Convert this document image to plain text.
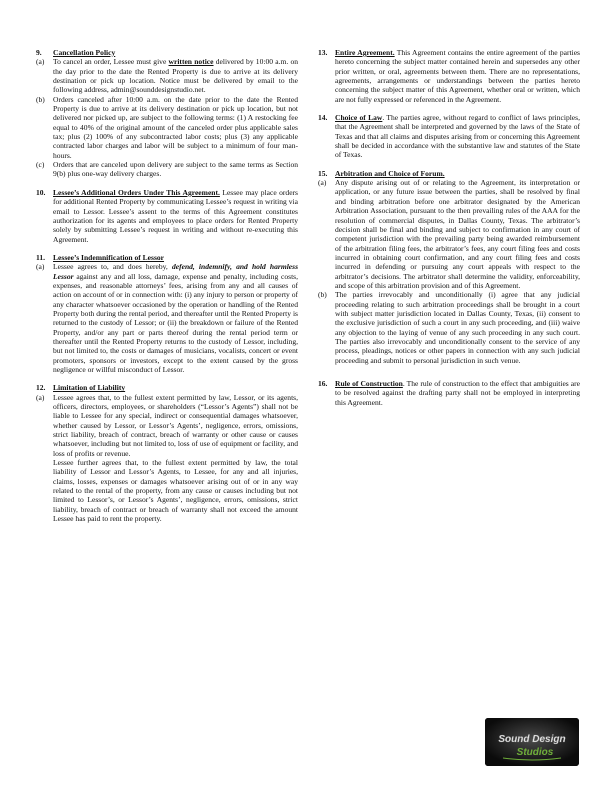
9. Cancellation Policy
(a)	To cancel an order, Lessee must give written notice delivered by 10:00 a.m. on the day prior to the date the Rented Property is due to arrive at its delivery destination or pick up location. Notice must be delivered by email to the following address, admin@sounddesignstudio.net.
(b)	Orders canceled after 10:00 a.m. on the date prior to the date the Rented Property is due to arrive at its delivery destination or pick up location, but not delivered nor picked up, are subject to the following terms: (1) A restocking fee equal to 40% of the original amount of the canceled order plus applicable sales tax; plus (2) 100% of any subcontracted labor costs; plus (3) any applicable contracted labor charges and labor will be subject to a minimum of four man-hours.
(c)	Orders that are canceled upon delivery are subject to the same terms as Section 9(b) plus one-way delivery charges.
10.	Lessee’s Additional Orders Under This Agreement. Lessee may place orders for additional Rented Property by communicating Lessee’s request in writing via email to Lessor. Lessee’s assent to the terms of this Agreement constitutes authorization for its agents and employees to place orders for Rented Property solely by submitting Lessee’s request in writing and without re-executing this Agreement.
11. Lessee’s Indemnification of Lessor
(a)	Lessee agrees to, and does hereby, defend, indemnify, and hold harmless Lessor against any and all loss, damage, expense and penalty, including costs, expenses, and reasonable attorneys’ fees, arising from any and all causes of action on account of or in connection with: (i) any injury to person or property of any character whatsoever occasioned by the operation or handling of the Rented Property both during the rental period, and thereafter until the Rented Property is returned to the custody of Lessor; or (ii) the breakdown or failure of the Rented Property, and/or any part or parts thereof during the rental period term or thereafter until the Rented Property returns to the custody of Lessor, including, but not limited to, the costs or damages of musicians, vocalists, concert or event promoters, sponsors or investors, except to the extent caused by the gross negligence or willful misconduct of Lessor.
12. Limitation of Liability
(a)	Lessee agrees that, to the fullest extent permitted by law, Lessor, or its agents, officers, directors, employees, or shareholders (“Lessor’s Agents”) shall not be liable to Lessee for any special, indirect or consequential damages whatsoever, whether caused by Lessor, or Lessor’s Agents’, negligence, errors, omissions, strict liability, breach of contract, breach of warranty or other cause or causes whatsoever, including but not limited to, loss of use of equipment or facility, and loss of profits or revenue.
Lessee further agrees that, to the fullest extent permitted by law, the total liability of Lessor and Lessor’s Agents, to Lessee, for any and all injuries, claims, losses, expenses or damages whatsoever arising out of or in any way related to the rental of the property, from any cause or causes including but not limited to Lessor’s, or Lessor’s Agents’, negligence, errors, omissions, strict liability, breach of contract or breach of warranty shall not exceed the amount Lessee has paid to rent the property.
13.	Entire Agreement. This Agreement contains the entire agreement of the parties hereto concerning the subject matter contained herein and supersedes any other prior written, or oral, agreements between them. There are no representations, agreements, arrangements or understandings between the parties hereto concerning the subject matter of this Agreement, whether oral or written, which are not fully expressed or referenced in the Agreement.
14.	Choice of Law. The parties agree, without regard to conflict of laws principles, that the Agreement shall be interpreted and governed by the laws of the State of Texas and that all claims and disputes arising from or concerning this Agreement shall be decided in accordance with the substantive law and statutes of the State of Texas.
15. Arbitration and Choice of Forum.
(a)	Any dispute arising out of or relating to the Agreement, its interpretation or application, or any future issue between the parties, shall be resolved by final and binding arbitration before one arbitrator designated by the American Arbitration Association, pursuant to the then prevailing rules of the AAA for the resolution of commercial disputes, in Dallas County, Texas. The arbitrator’s decision shall be final and binding and subject to confirmation in any court of competent jurisdiction with the prevailing party being awarded reimbursement of the arbitration filing fees, the arbitrator’s fees, any court filing fees and costs incurred in obtaining court confirmation, and any court filing fees and costs incurred in defending or pursuing any court appeals with respect to the arbitrator’s decisions. The arbitrator shall determine the validity, enforceability, and scope of this arbitration provision and of this Agreement.
(b)	The parties irrevocably and unconditionally (i) agree that any judicial proceeding relating to such arbitration proceedings shall be brought in a court with subject matter jurisdiction located in Dallas County, Texas, (ii) consent to the exclusive jurisdiction of such a court in any such proceeding, and (iii) waive any objection to the laying of venue of any such proceeding in any such court. The parties also irrevocably and unconditionally consent to the service of any process, pleadings, notices or other papers in connection with any such judicial proceeding and submit to personal jurisdiction in such venue.
16.	Rule of Construction. The rule of construction to the effect that ambiguities are to be resolved against the drafting party shall not be employed in interpreting this Agreement.
Sound Design
Studios
